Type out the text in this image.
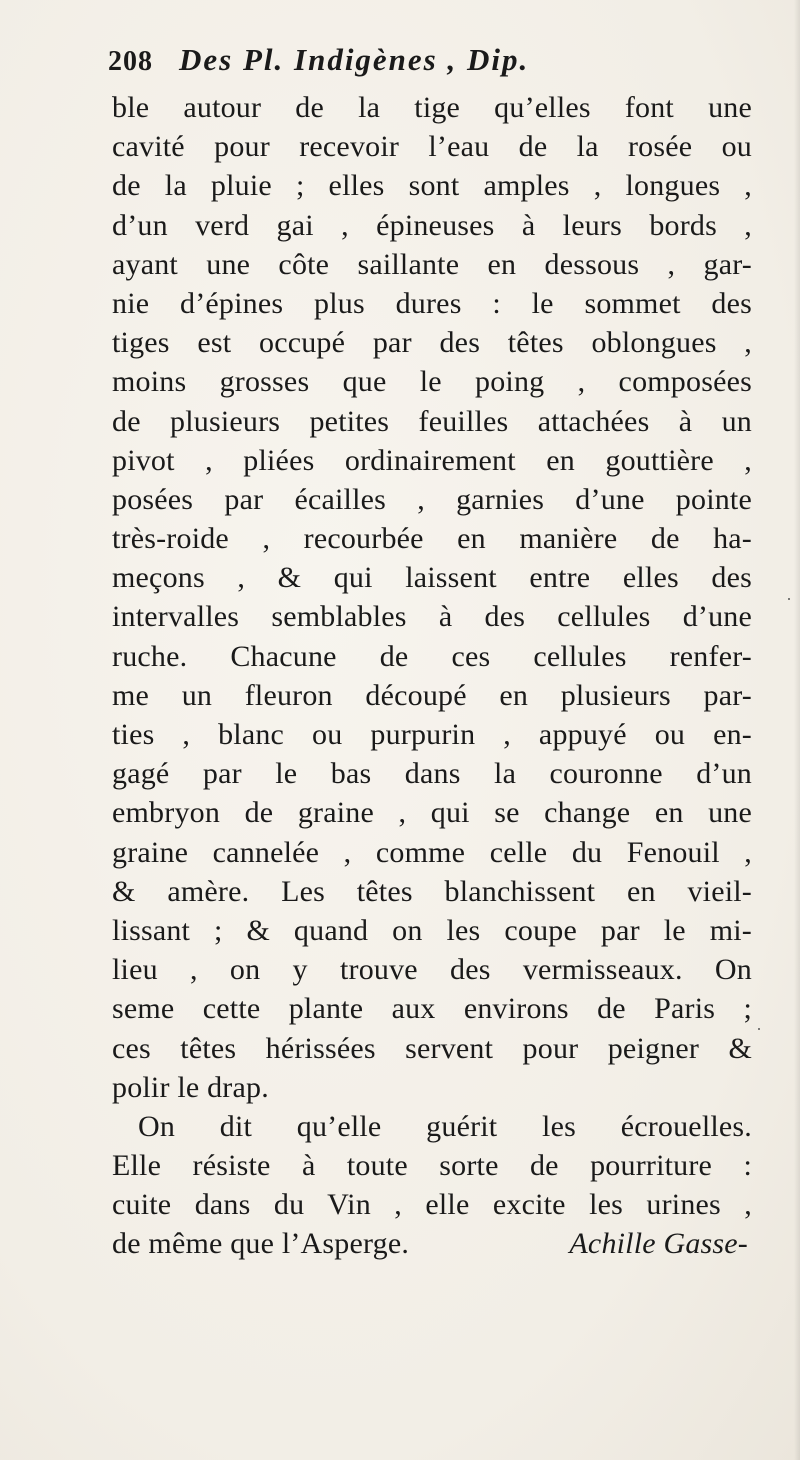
208 Des Pl. Indigènes , Dip.
ble autour de la tige qu’elles font une
cavité pour recevoir l’eau de la rosée ou
de la pluie ; elles sont amples , longues ,
d’un verd gai , épineuses à leurs bords ,
ayant une côte saillante en dessous , gar-
nie d’épines plus dures : le sommet des
tiges est occupé par des têtes oblongues ,
moins grosses que le poing , composées
de plusieurs petites feuilles attachées à un
pivot , pliées ordinairement en gouttière ,
posées par écailles , garnies d’une pointe
très-roide , recourbée en manière de ha-
meçons , & qui laissent entre elles des
intervalles semblables à des cellules d’une
ruche. Chacune de ces cellules renfer-
me un fleuron découpé en plusieurs par-
ties , blanc ou purpurin , appuyé ou en-
gagé par le bas dans la couronne d’un
embryon de graine , qui se change en une
graine cannelée , comme celle du Fenouil ,
& amère. Les têtes blanchissent en vieil-
lissant ; & quand on les coupe par le mi-
lieu , on y trouve des vermisseaux. On
seme cette plante aux environs de Paris ;
ces têtes hérissées servent pour peigner &
polir le drap.
On dit qu’elle guérit les écrouelles.
Elle résiste à toute sorte de pourriture :
cuite dans du Vin , elle excite les urines ,
de même que l’Asperge.	Achille Gasse-
